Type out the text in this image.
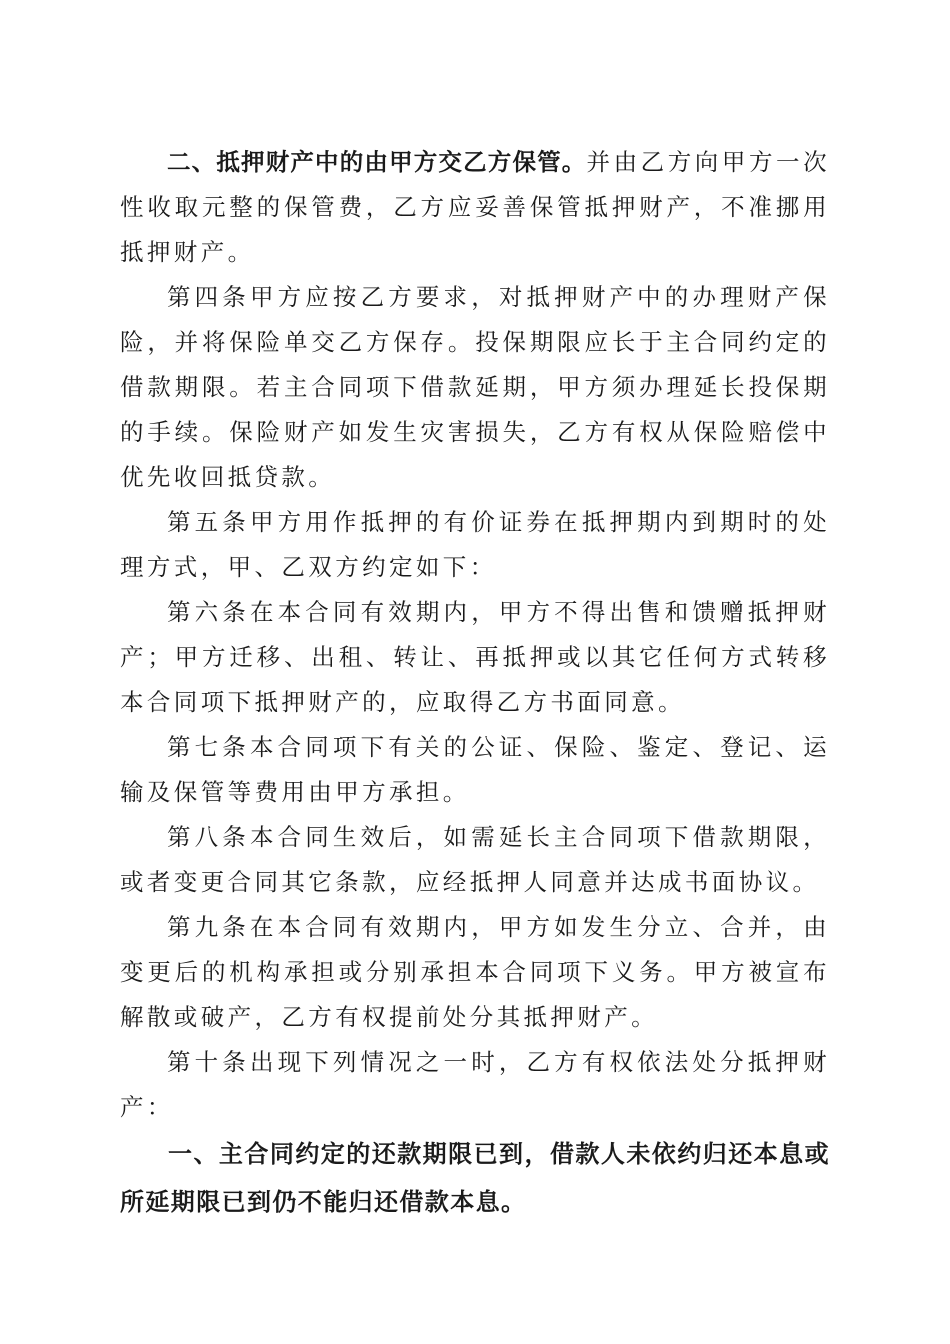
二、抵押财产中的由甲方交乙方保管。并由乙方向甲方一次性收取元整的保管费，乙方应妥善保管抵押财产，不准挪用抵押财产。

第四条甲方应按乙方要求，对抵押财产中的办理财产保险，并将保险单交乙方保存。投保期限应长于主合同约定的借款期限。若主合同项下借款延期，甲方须办理延长投保期的手续。保险财产如发生灾害损失，乙方有权从保险赔偿中优先收回抵贷款。

第五条甲方用作抵押的有价证券在抵押期内到期时的处理方式，甲、乙双方约定如下：

第六条在本合同有效期内，甲方不得出售和馈赠抵押财产；甲方迁移、出租、转让、再抵押或以其它任何方式转移本合同项下抵押财产的，应取得乙方书面同意。

第七条本合同项下有关的公证、保险、鉴定、登记、运输及保管等费用由甲方承担。

第八条本合同生效后，如需延长主合同项下借款期限，或者变更合同其它条款，应经抵押人同意并达成书面协议。

第九条在本合同有效期内，甲方如发生分立、合并，由变更后的机构承担或分别承担本合同项下义务。甲方被宣布解散或破产，乙方有权提前处分其抵押财产。

第十条出现下列情况之一时，乙方有权依法处分抵押财产：

一、主合同约定的还款期限已到，借款人未依约归还本息或所延期限已到仍不能归还借款本息。
